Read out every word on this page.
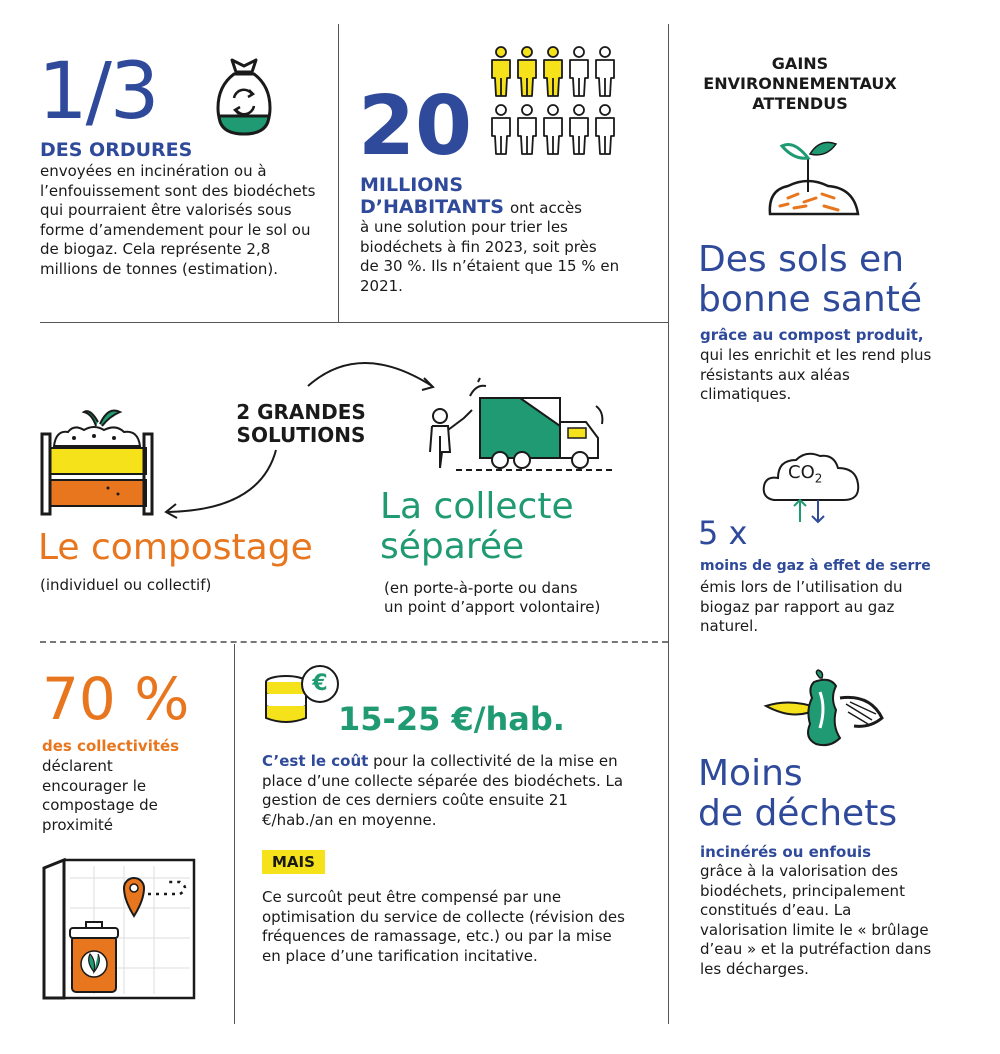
1/3
DES ORDURES
envoyées en incinération ou à l’enfouissement sont des biodéchets qui pourraient être valorisés sous forme d’amendement pour le sol ou de biogaz. Cela représente 2,8 millions de tonnes (estimation).
20
MILLIONS
D’HABITANTS ont accès
à une solution pour trier les biodéchets à fin 2023, soit près de 30 %. Ils n’étaient que 15 % en 2021.
2 GRANDES
SOLUTIONS
Le compostage
(individuel ou collectif)
La collecte
séparée
(en porte-à-porte ou dans
un point d’apport volontaire)
70 %
des collectivités
déclarent encourager le compostage de proximité
€
15-25 €/hab.
C’est le coût pour la collectivité de la mise en place d’une collecte séparée des biodéchets. La gestion de ces derniers coûte ensuite 21 €/hab./an en moyenne.
MAIS
Ce surcoût peut être compensé par une optimisation du service de collecte (révision des fréquences de ramassage, etc.) ou par la mise en place d’une tarification incitative.
GAINS
ENVIRONNEMENTAUX
ATTENDUS
Des sols en
bonne santé
grâce au compost produit,
qui les enrichit et les rend plus résistants aux aléas climatiques.
$CO_2$
5 x
moins de gaz à effet de serre
émis lors de l’utilisation du biogaz par rapport au gaz naturel.
Moins
de déchets
incinérés ou enfouis
grâce à la valorisation des biodéchets, principalement constitués d’eau. La valorisation limite le « brûlage d’eau » et la putréfaction dans les décharges.
